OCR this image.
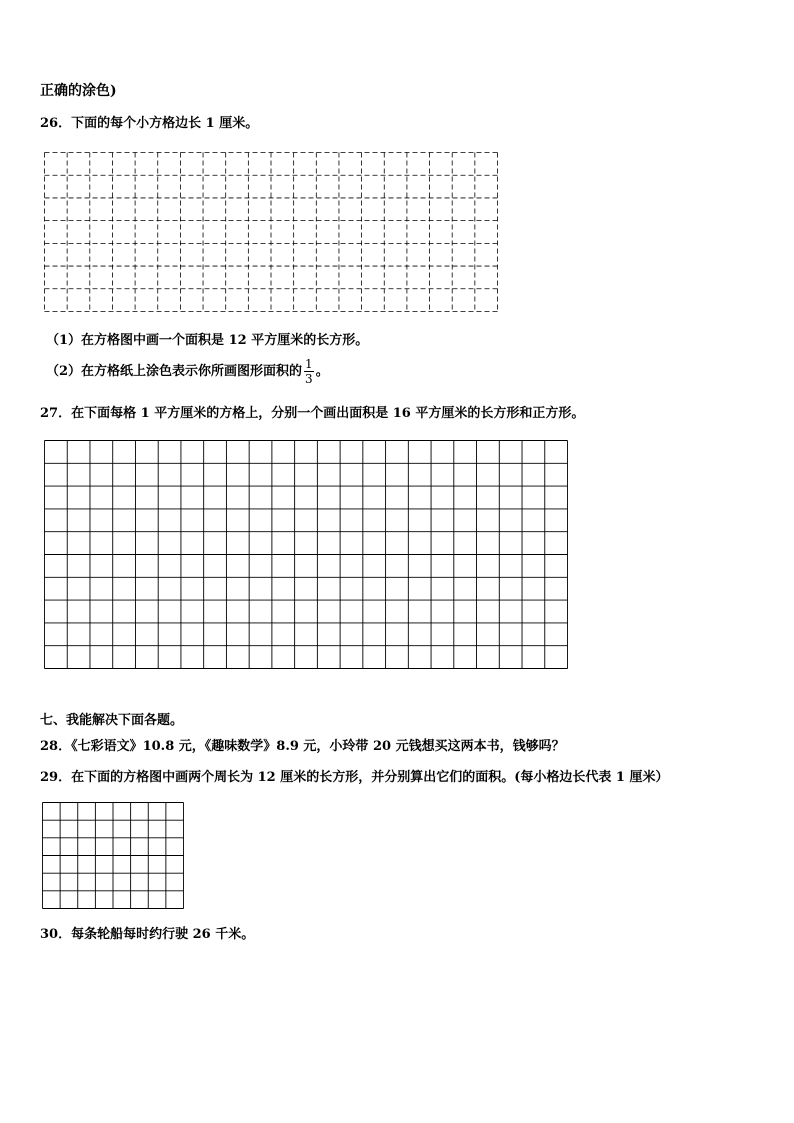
正确的涂色)
26．下面的每个小方格边长 1 厘米。
（1）在方格图中画一个面积是 12 平方厘米的长方形。
（2）在方格纸上涂色表示你所画图形面积的 $\frac{1}{3}$ 。
27．在下面每格 1 平方厘米的方格上，分别一个画出面积是 16 平方厘米的长方形和正方形。
七、我能解决下面各题。
28．《七彩语文》10.8 元，《趣味数学》8.9 元，小玲带 20 元钱想买这两本书，钱够吗？
29．在下面的方格图中画两个周长为 12 厘米的长方形，并分别算出它们的面积。(每小格边长代表 1 厘米）
30．每条轮船每时约行驶 26 千米。
